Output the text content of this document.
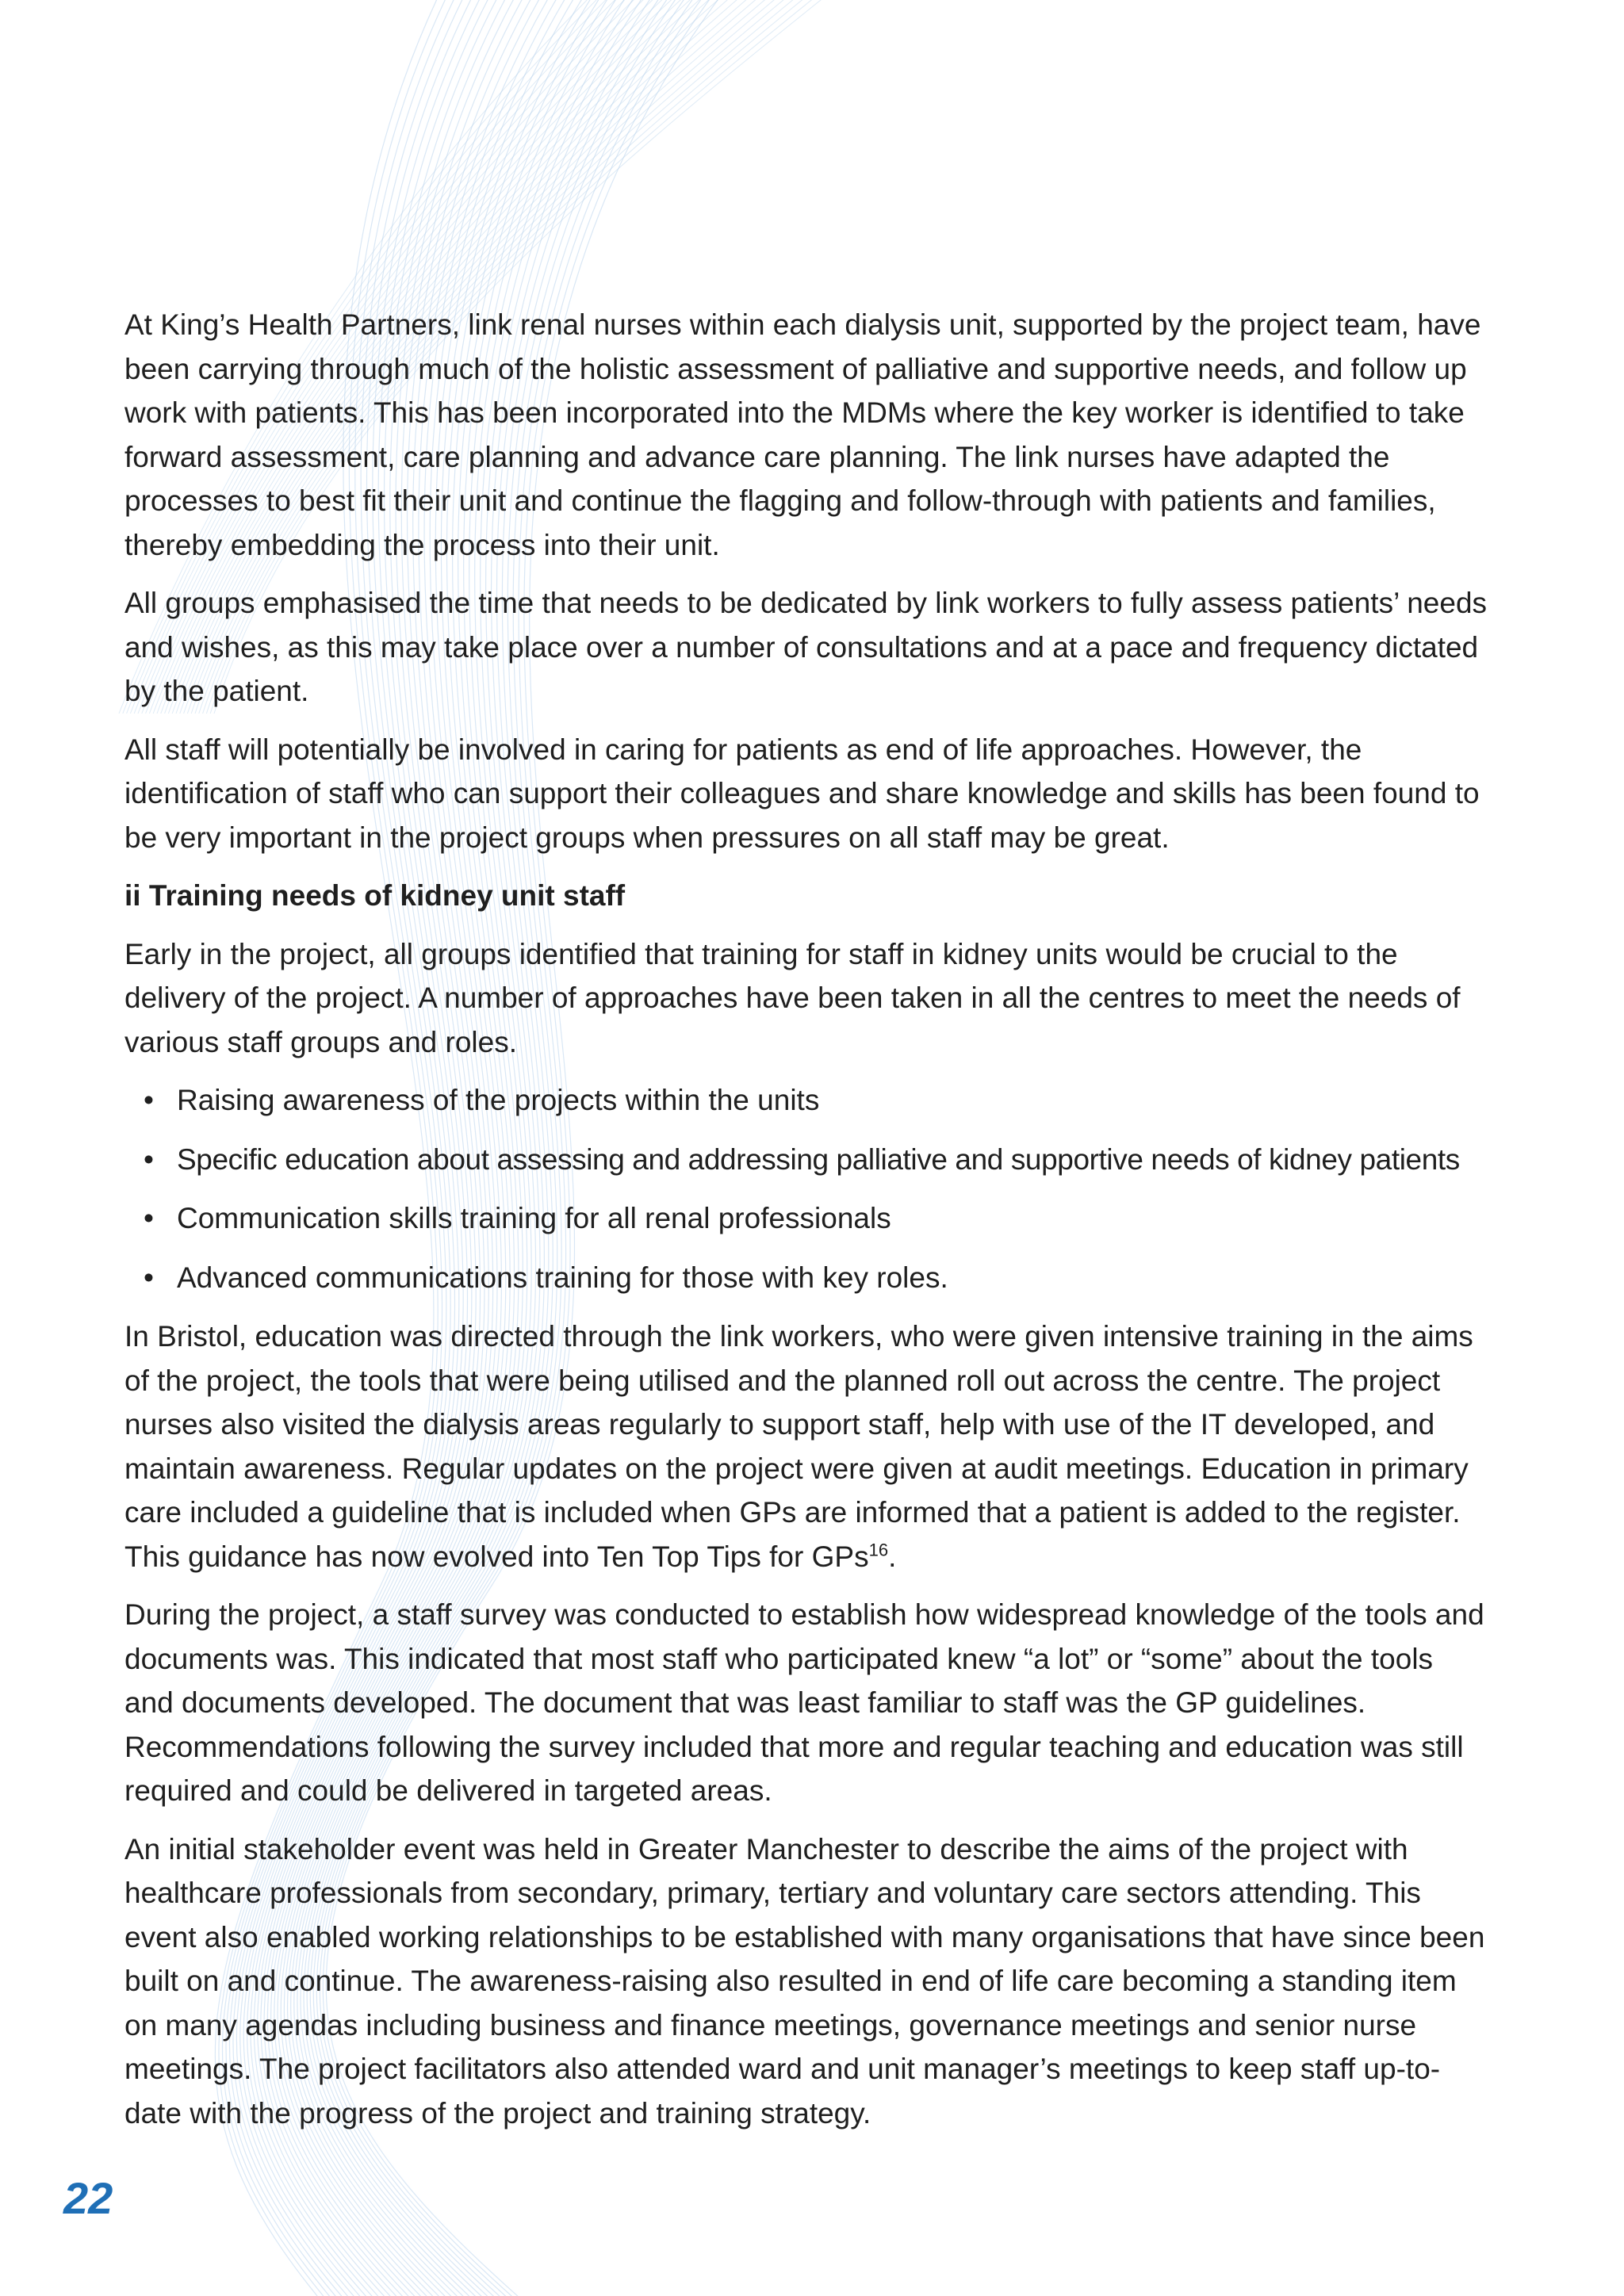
At King’s Health Partners, link renal nurses within each dialysis unit, supported by the project team, have been carrying through much of the holistic assessment of palliative and supportive needs, and follow up work with patients. This has been incorporated into the MDMs where the key worker is identified to take forward assessment, care planning and advance care planning. The link nurses have adapted the processes to best fit their unit and continue the flagging and follow-through with patients and families, thereby embedding the process into their unit.

All groups emphasised the time that needs to be dedicated by link workers to fully assess patients’ needs and wishes, as this may take place over a number of consultations and at a pace and frequency dictated by the patient.

All staff will potentially be involved in caring for patients as end of life approaches. However, the identification of staff who can support their colleagues and share knowledge and skills has been found to be very important in the project groups when pressures on all staff may be great.

ii Training needs of kidney unit staff

Early in the project, all groups identified that training for staff in kidney units would be crucial to the delivery of the project. A number of approaches have been taken in all the centres to meet the needs of various staff groups and roles.

• Raising awareness of the projects within the units
• Specific education about assessing and addressing palliative and supportive needs of kidney patients
• Communication skills training for all renal professionals
• Advanced communications training for those with key roles.

In Bristol, education was directed through the link workers, who were given intensive training in the aims of the project, the tools that were being utilised and the planned roll out across the centre. The project nurses also visited the dialysis areas regularly to support staff, help with use of the IT developed, and maintain awareness. Regular updates on the project were given at audit meetings. Education in primary care included a guideline that is included when GPs are informed that a patient is added to the register. This guidance has now evolved into Ten Top Tips for GPs$^{16}$.

During the project, a staff survey was conducted to establish how widespread knowledge of the tools and documents was. This indicated that most staff who participated knew “a lot” or “some” about the tools and documents developed. The document that was least familiar to staff was the GP guidelines. Recommendations following the survey included that more and regular teaching and education was still required and could be delivered in targeted areas.

An initial stakeholder event was held in Greater Manchester to describe the aims of the project with healthcare professionals from secondary, primary, tertiary and voluntary care sectors attending. This event also enabled working relationships to be established with many organisations that have since been built on and continue. The awareness-raising also resulted in end of life care becoming a standing item on many agendas including business and finance meetings, governance meetings and senior nurse meetings. The project facilitators also attended ward and unit manager’s meetings to keep staff up-to-date with the progress of the project and training strategy.

22
